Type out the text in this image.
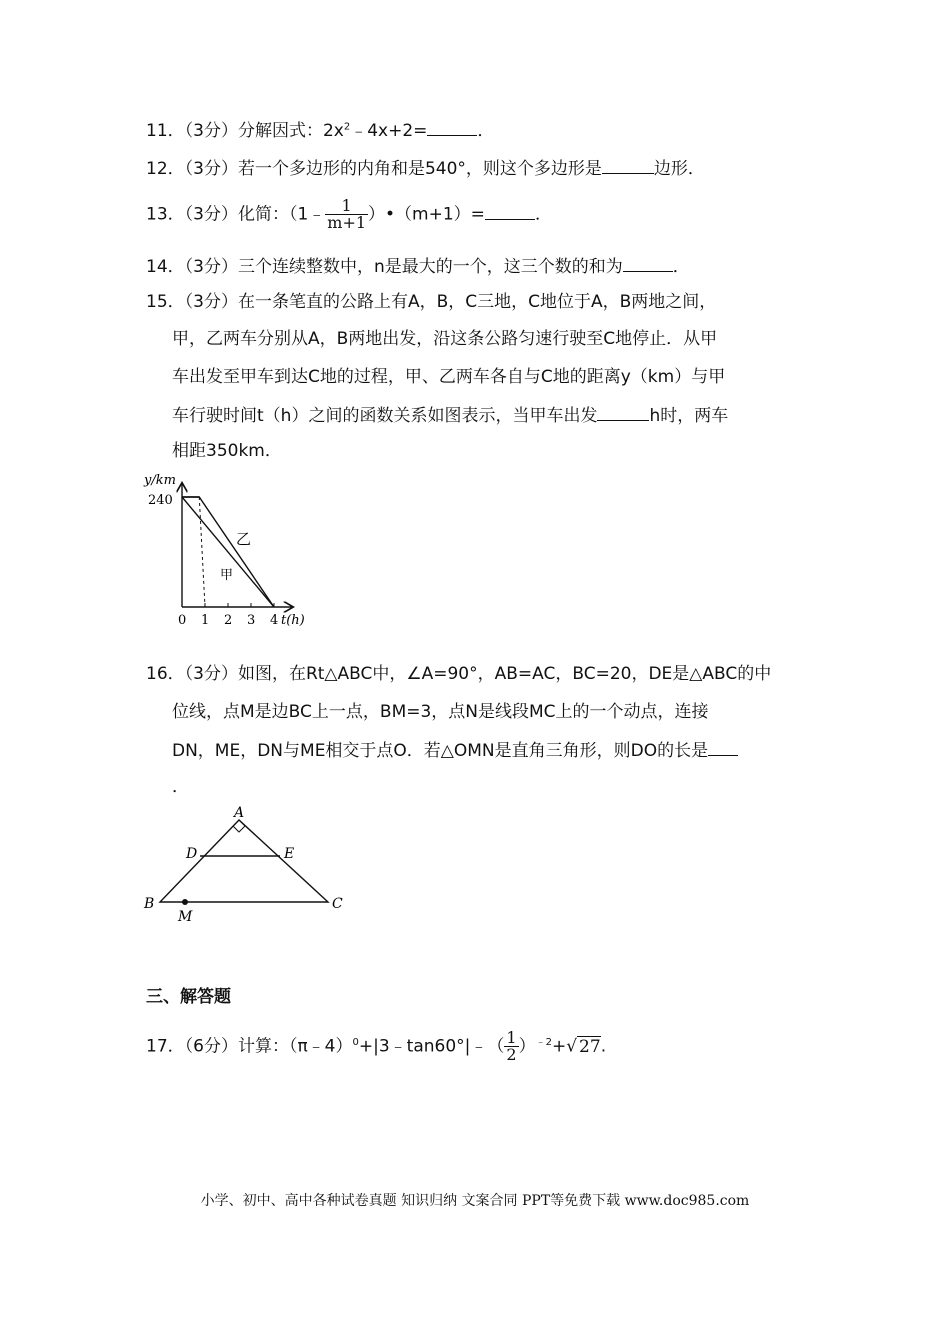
11．（3分）分解因式：$2x^2﹣4x+2=$	．
12．（3分）若一个多边形的内角和是540°，则这个多边形是	边形．
13．（3分）化简：（1﹣ $\frac{1}{m+1}$ ）•（m+1）=	．
14．（3分）三个连续整数中，n是最大的一个，这三个数的和为	．
15．（3分）在一条笔直的公路上有A，B，C三地，C地位于A，B两地之间，
甲，乙两车分别从A，B两地出发，沿这条公路匀速行驶至C地停止．从甲
车出发至甲车到达C地的过程，甲、乙两车各自与C地的距离y（km）与甲
车行驶时间t（h）之间的函数关系如图表示，当甲车出发	h时，两车
相距350km．
y/km
t(h)
240
0 1 2 3 4
乙
甲
16．（3分）如图，在Rt△ABC中，∠A=90°，AB=AC，BC=20，DE是△ABC的中
位线，点M是边BC上一点，BM=3，点N是线段MC上的一个动点，连接
DN，ME，DN与ME相交于点O．若△OMN是直角三角形，则DO的长是
．
A
D	E
B	C
M
三、解答题
17．（6分）计算：（π﹣4）$^0$+|3﹣tan60°|﹣（ $\frac{1}{2} )^{﹣2}+√$ 27.
小学、初中、高中各种试卷真题 知识归纳 文案合同 PPT等免费下载 www.doc985.com
